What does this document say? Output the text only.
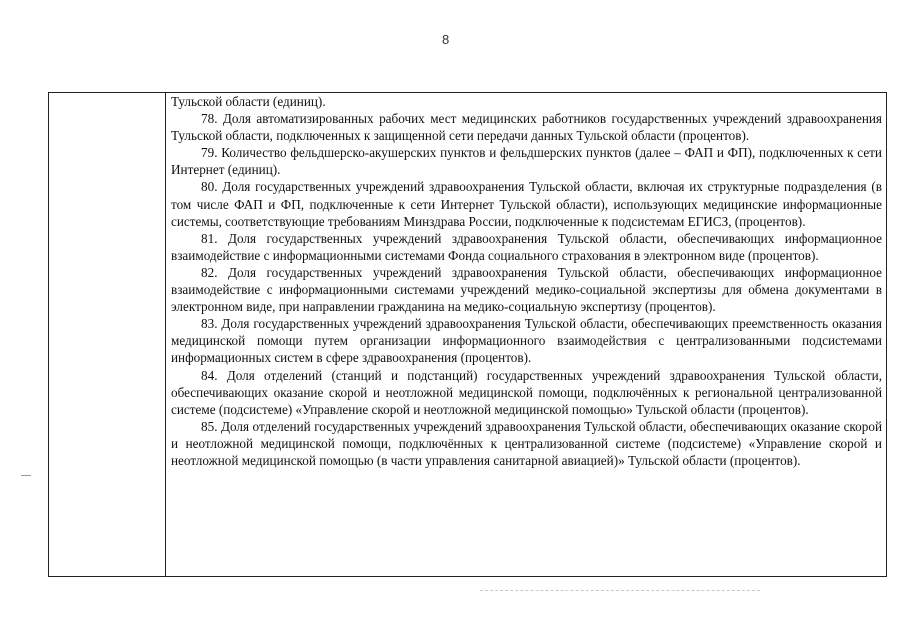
8

Тульской области (единиц).

78. Доля автоматизированных рабочих мест медицинских работников государственных учреждений здравоохранения Тульской области, подключенных к защищенной сети передачи данных Тульской области (процентов).

79. Количество фельдшерско-акушерских пунктов и фельдшерских пунктов (далее – ФАП и ФП), подключенных к сети Интернет (единиц).

80. Доля государственных учреждений здравоохранения Тульской области, включая их структурные подразделения (в том числе ФАП и ФП, подключенные к сети Интернет Тульской области), использующих медицинские информационные системы, соответствующие требованиям Минздрава России, подключенные к подсистемам ЕГИСЗ, (процентов).

81. Доля государственных учреждений здравоохранения Тульской области, обеспечивающих информационное взаимодействие с информационными системами Фонда социального страхования в электронном виде (процентов).

82. Доля государственных учреждений здравоохранения Тульской области, обеспечивающих информационное взаимодействие с информационными системами учреждений медико-социальной экспертизы для обмена документами в электронном виде, при направлении гражданина на медико-социальную экспертизу (процентов).

83. Доля государственных учреждений здравоохранения Тульской области, обеспечивающих преемственность оказания медицинской помощи путем организации информационного взаимодействия с централизованными подсистемами информационных систем в сфере здравоохранения (процентов).

84. Доля отделений (станций и подстанций) государственных учреждений здравоохранения Тульской области, обеспечивающих оказание скорой и неотложной медицинской помощи, подключённых к региональной централизованной системе (подсистеме) «Управление скорой и неотложной медицинской помощью» Тульской области (процентов).

85. Доля отделений государственных учреждений здравоохранения Тульской области, обеспечивающих оказание скорой и неотложной медицинской помощи, подключённых к централизованной системе (подсистеме) «Управление скорой и неотложной медицинской помощью (в части управления санитарной авиацией)» Тульской области (процентов).
